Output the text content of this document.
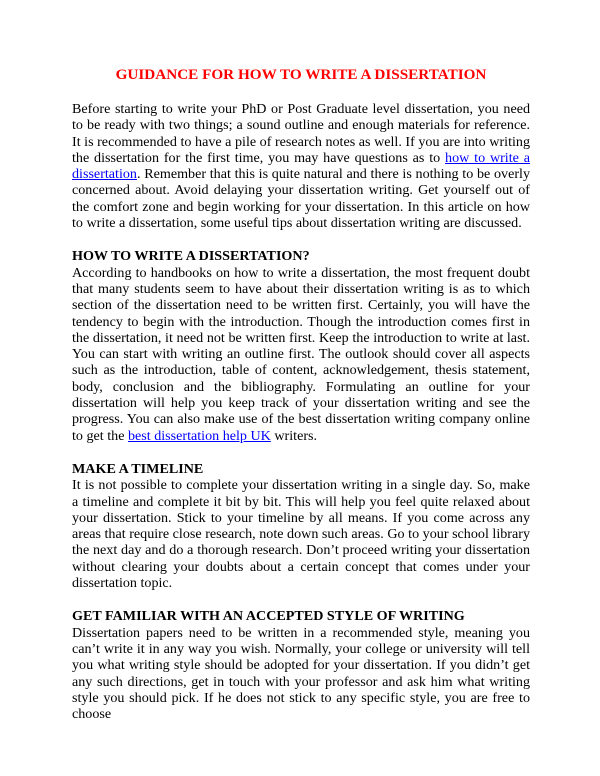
GUIDANCE FOR HOW TO WRITE A DISSERTATION

Before starting to write your PhD or Post Graduate level dissertation, you need to be ready with two things; a sound outline and enough materials for reference. It is recommended to have a pile of research notes as well. If you are into writing the dissertation for the first time, you may have questions as to how to write a dissertation. Remember that this is quite natural and there is nothing to be overly concerned about. Avoid delaying your dissertation writing. Get yourself out of the comfort zone and begin working for your dissertation. In this article on how to write a dissertation, some useful tips about dissertation writing are discussed.

HOW TO WRITE A DISSERTATION?

According to handbooks on how to write a dissertation, the most frequent doubt that many students seem to have about their dissertation writing is as to which section of the dissertation need to be written first. Certainly, you will have the tendency to begin with the introduction. Though the introduction comes first in the dissertation, it need not be written first. Keep the introduction to write at last. You can start with writing an outline first. The outlook should cover all aspects such as the introduction, table of content, acknowledgement, thesis statement, body, conclusion and the bibliography. Formulating an outline for your dissertation will help you keep track of your dissertation writing and see the progress. You can also make use of the best dissertation writing company online to get the best dissertation help UK writers.

MAKE A TIMELINE

It is not possible to complete your dissertation writing in a single day. So, make a timeline and complete it bit by bit. This will help you feel quite relaxed about your dissertation. Stick to your timeline by all means. If you come across any areas that require close research, note down such areas. Go to your school library the next day and do a thorough research. Don’t proceed writing your dissertation without clearing your doubts about a certain concept that comes under your dissertation topic.

GET FAMILIAR WITH AN ACCEPTED STYLE OF WRITING

Dissertation papers need to be written in a recommended style, meaning you can’t write it in any way you wish. Normally, your college or university will tell you what writing style should be adopted for your dissertation. If you didn’t get any such directions, get in touch with your professor and ask him what writing style you should pick. If he does not stick to any specific style, you are free to choose
